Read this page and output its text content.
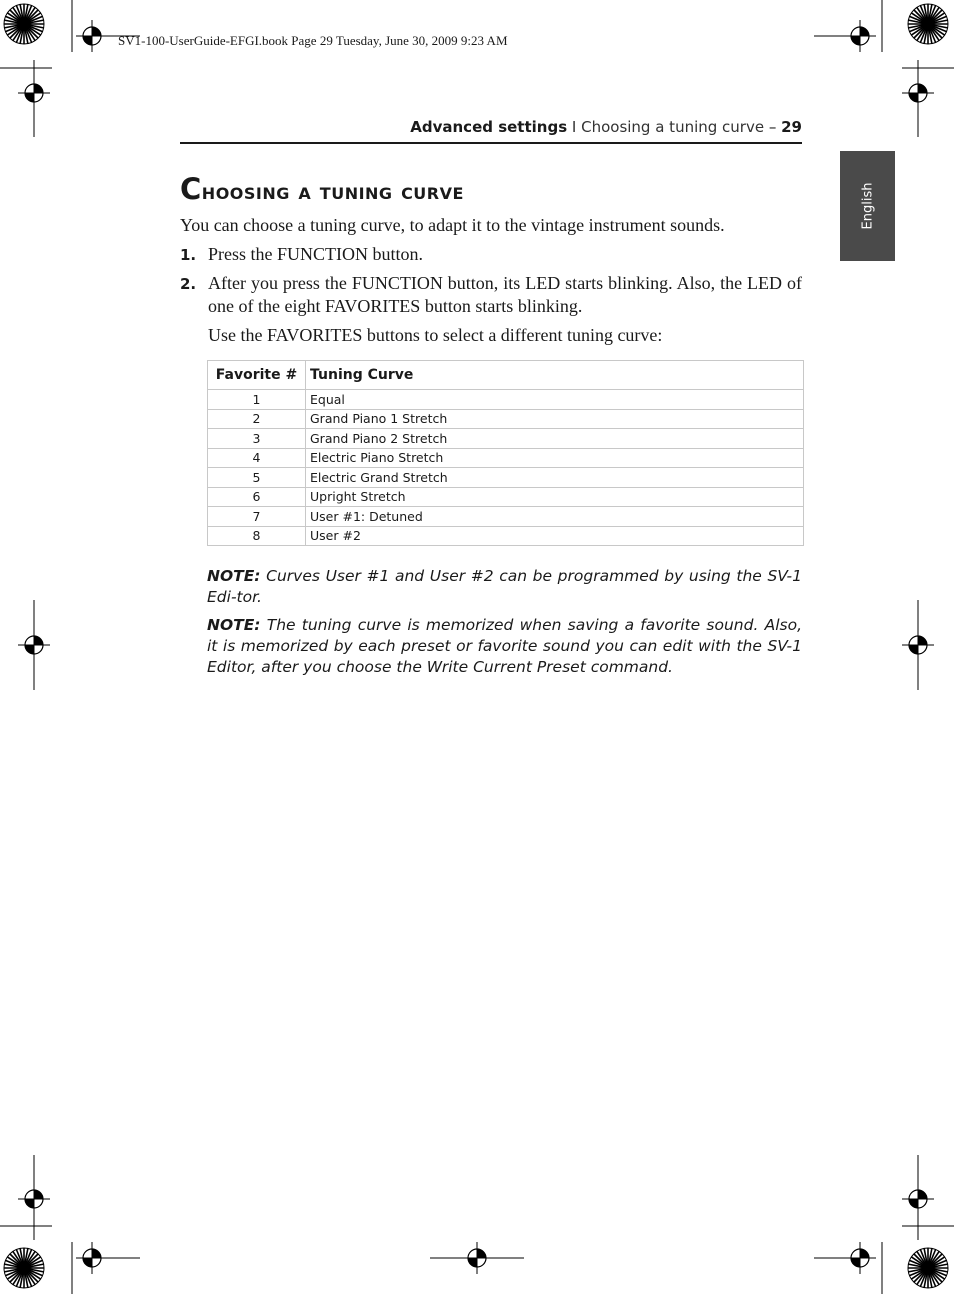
SV1-100-UserGuide-EFGI.book Page 29 Tuesday, June 30, 2009 9:23 AM
Advanced settings I Choosing a tuning curve – 29
English
Choosing a tuning curve
You can choose a tuning curve, to adapt it to the vintage instrument sounds.
1. Press the FUNCTION button.
2. After you press the FUNCTION button, its LED starts blinking. Also, the LED of one of the eight FAVORITES button starts blinking.
Use the FAVORITES buttons to select a different tuning curve:
Favorite #	Tuning Curve
1	Equal
2	Grand Piano 1 Stretch
3	Grand Piano 2 Stretch
4	Electric Piano Stretch
5	Electric Grand Stretch
6	Upright Stretch
7	User #1: Detuned
8	User #2
NOTE: Curves User #1 and User #2 can be programmed by using the SV-1 Edi-tor.
NOTE: The tuning curve is memorized when saving a favorite sound. Also, it is memorized by each preset or favorite sound you can edit with the SV-1 Editor, after you choose the Write Current Preset command.
